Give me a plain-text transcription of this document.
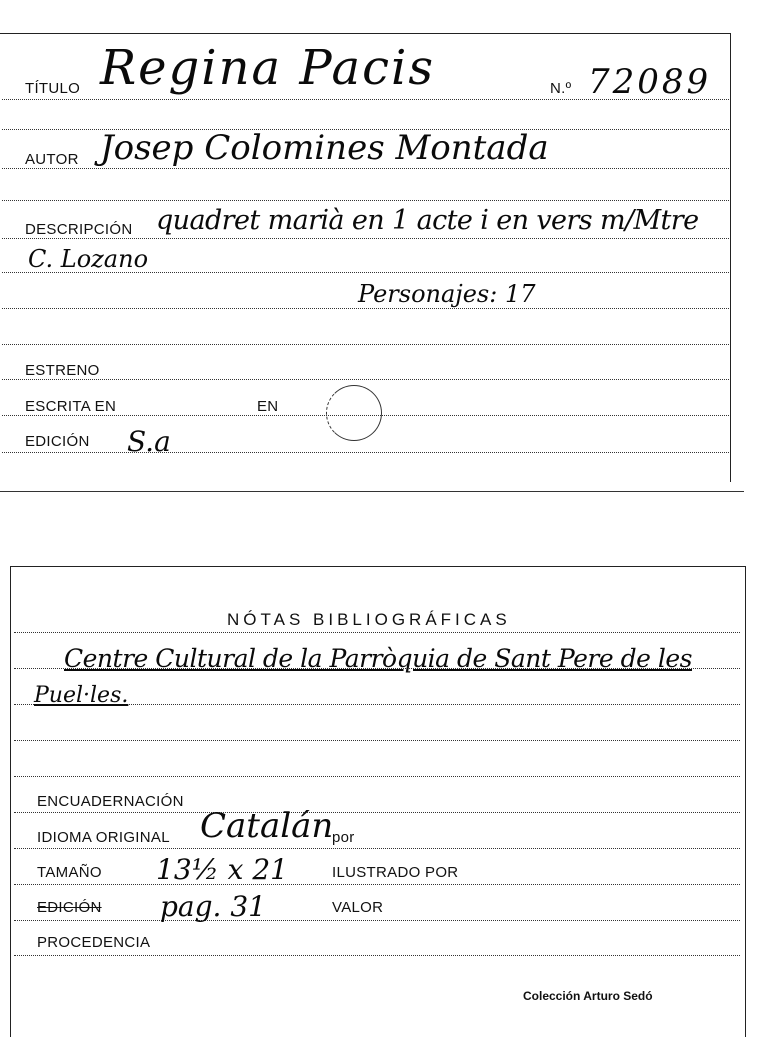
TÍTULO Regina Pacis	N.º 72089
AUTOR Josep Colomines Montada
DESCRIPCIÓN quadret marià en 1 acte i en vers m/Mtre
C. Lozano
Personajes: 17
ESTRENO
ESCRITA EN	EN
EDICIÓN S.a
NÓTAS BIBLIOGRÁFICAS
Centre Cultural de la Parròquia de Sant Pere de les
Puel·les.
ENCUADERNACIÓN
IDIOMA ORIGINAL Catalán
por
TAMAÑO 13½ x 21	ILUSTRADO POR
EDICIÓN pag. 31	VALOR
PROCEDENCIA
Colección Arturo Sedó
